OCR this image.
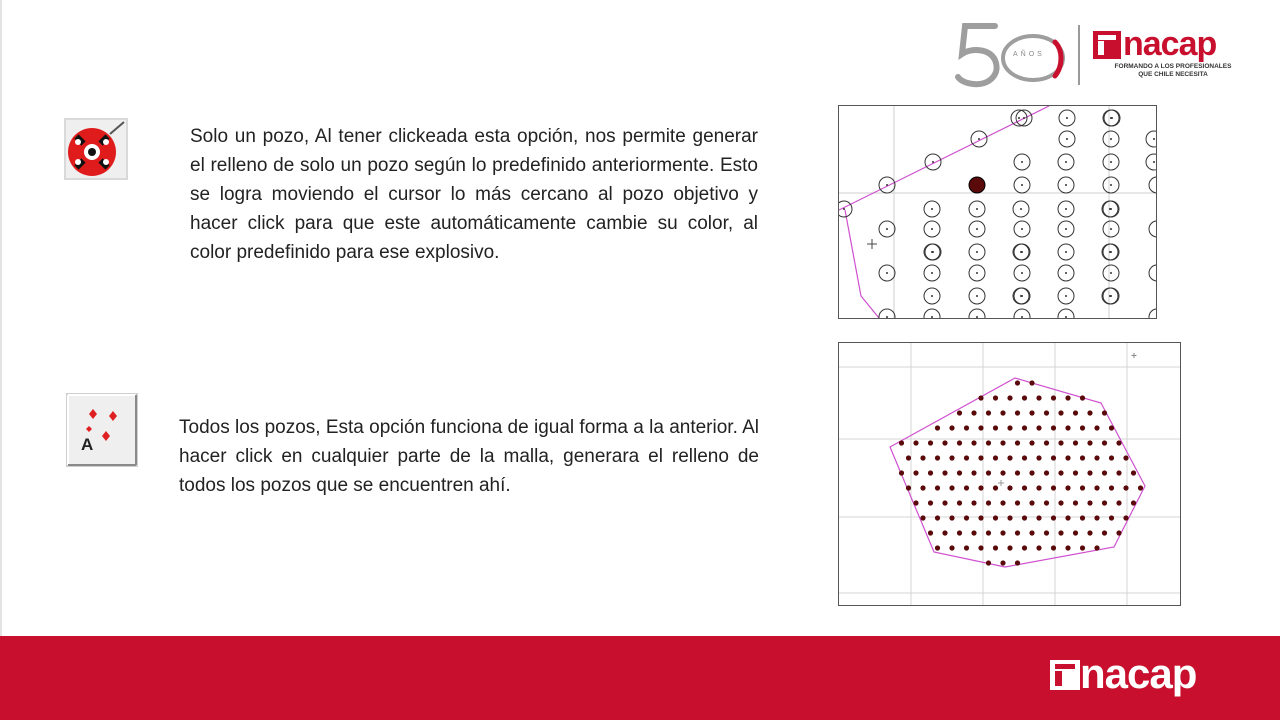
AÑOS nacap
FORMANDO A LOS PROFESIONALES
QUE CHILE NECESITA

Solo un pozo, Al tener clickeada esta opción, nos permite generar el relleno de solo un pozo según lo predefinido anteriormente. Esto se logra moviendo el cursor lo más cercano al pozo objetivo y hacer click para que este automáticamente cambie su color, al color predefinido para ese explosivo.

A

Todos los pozos, Esta opción funciona de igual forma a la anterior. Al hacer click en cualquier parte de la malla, generara el relleno de todos los pozos que se encuentren ahí.

nacap
